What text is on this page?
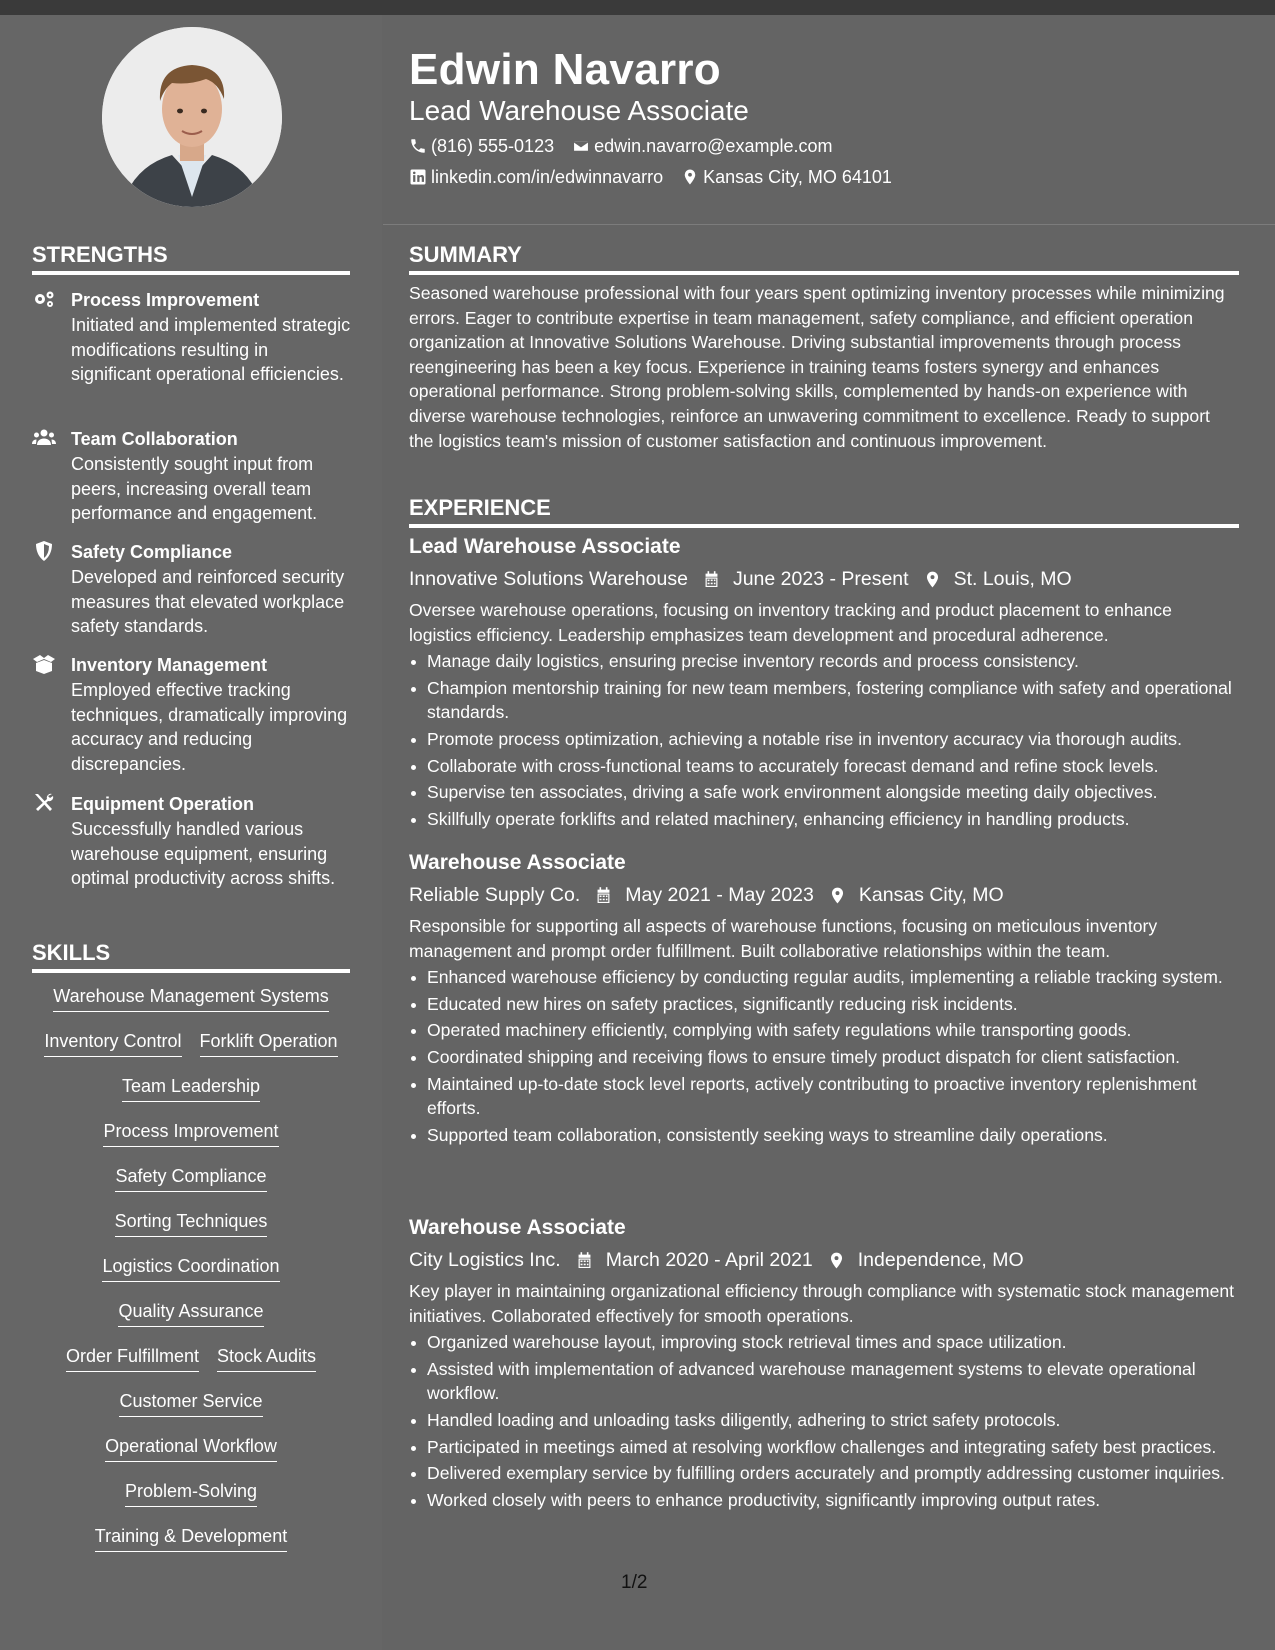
Edwin Navarro
Lead Warehouse Associate
(816) 555-0123 edwin.navarro@example.com
linkedin.com/in/edwinnavarro Kansas City, MO 64101
STRENGTHS
Process Improvement
Initiated and implemented strategic modifications resulting in significant operational efficiencies.
Team Collaboration
Consistently sought input from peers, increasing overall team performance and engagement.
Safety Compliance
Developed and reinforced security measures that elevated workplace safety standards.
Inventory Management
Employed effective tracking techniques, dramatically improving accuracy and reducing discrepancies.
Equipment Operation
Successfully handled various warehouse equipment, ensuring optimal productivity across shifts.
SKILLS
Warehouse Management Systems
Inventory Control Forklift Operation
Team Leadership
Process Improvement
Safety Compliance
Sorting Techniques
Logistics Coordination
Quality Assurance
Order Fulfillment Stock Audits
Customer Service
Operational Workflow
Problem-Solving
Training & Development
SUMMARY
Seasoned warehouse professional with four years spent optimizing inventory processes while minimizing errors. Eager to contribute expertise in team management, safety compliance, and efficient operation organization at Innovative Solutions Warehouse. Driving substantial improvements through process reengineering has been a key focus. Experience in training teams fosters synergy and enhances operational performance. Strong problem-solving skills, complemented by hands-on experience with diverse warehouse technologies, reinforce an unwavering commitment to excellence. Ready to support the logistics team's mission of customer satisfaction and continuous improvement.
EXPERIENCE
Lead Warehouse Associate
Innovative Solutions Warehouse June 2023 - Present St. Louis, MO
Oversee warehouse operations, focusing on inventory tracking and product placement to enhance logistics efficiency. Leadership emphasizes team development and procedural adherence.
Manage daily logistics, ensuring precise inventory records and process consistency.
Champion mentorship training for new team members, fostering compliance with safety and operational standards.
Promote process optimization, achieving a notable rise in inventory accuracy via thorough audits.
Collaborate with cross-functional teams to accurately forecast demand and refine stock levels.
Supervise ten associates, driving a safe work environment alongside meeting daily objectives.
Skillfully operate forklifts and related machinery, enhancing efficiency in handling products.
Warehouse Associate
Reliable Supply Co. May 2021 - May 2023 Kansas City, MO
Responsible for supporting all aspects of warehouse functions, focusing on meticulous inventory management and prompt order fulfillment. Built collaborative relationships within the team.
Enhanced warehouse efficiency by conducting regular audits, implementing a reliable tracking system.
Educated new hires on safety practices, significantly reducing risk incidents.
Operated machinery efficiently, complying with safety regulations while transporting goods.
Coordinated shipping and receiving flows to ensure timely product dispatch for client satisfaction.
Maintained up-to-date stock level reports, actively contributing to proactive inventory replenishment efforts.
Supported team collaboration, consistently seeking ways to streamline daily operations.
Warehouse Associate
City Logistics Inc. March 2020 - April 2021 Independence, MO
Key player in maintaining organizational efficiency through compliance with systematic stock management initiatives. Collaborated effectively for smooth operations.
Organized warehouse layout, improving stock retrieval times and space utilization.
Assisted with implementation of advanced warehouse management systems to elevate operational workflow.
Handled loading and unloading tasks diligently, adhering to strict safety protocols.
Participated in meetings aimed at resolving workflow challenges and integrating safety best practices.
Delivered exemplary service by fulfilling orders accurately and promptly addressing customer inquiries.
Worked closely with peers to enhance productivity, significantly improving output rates.
1/2
